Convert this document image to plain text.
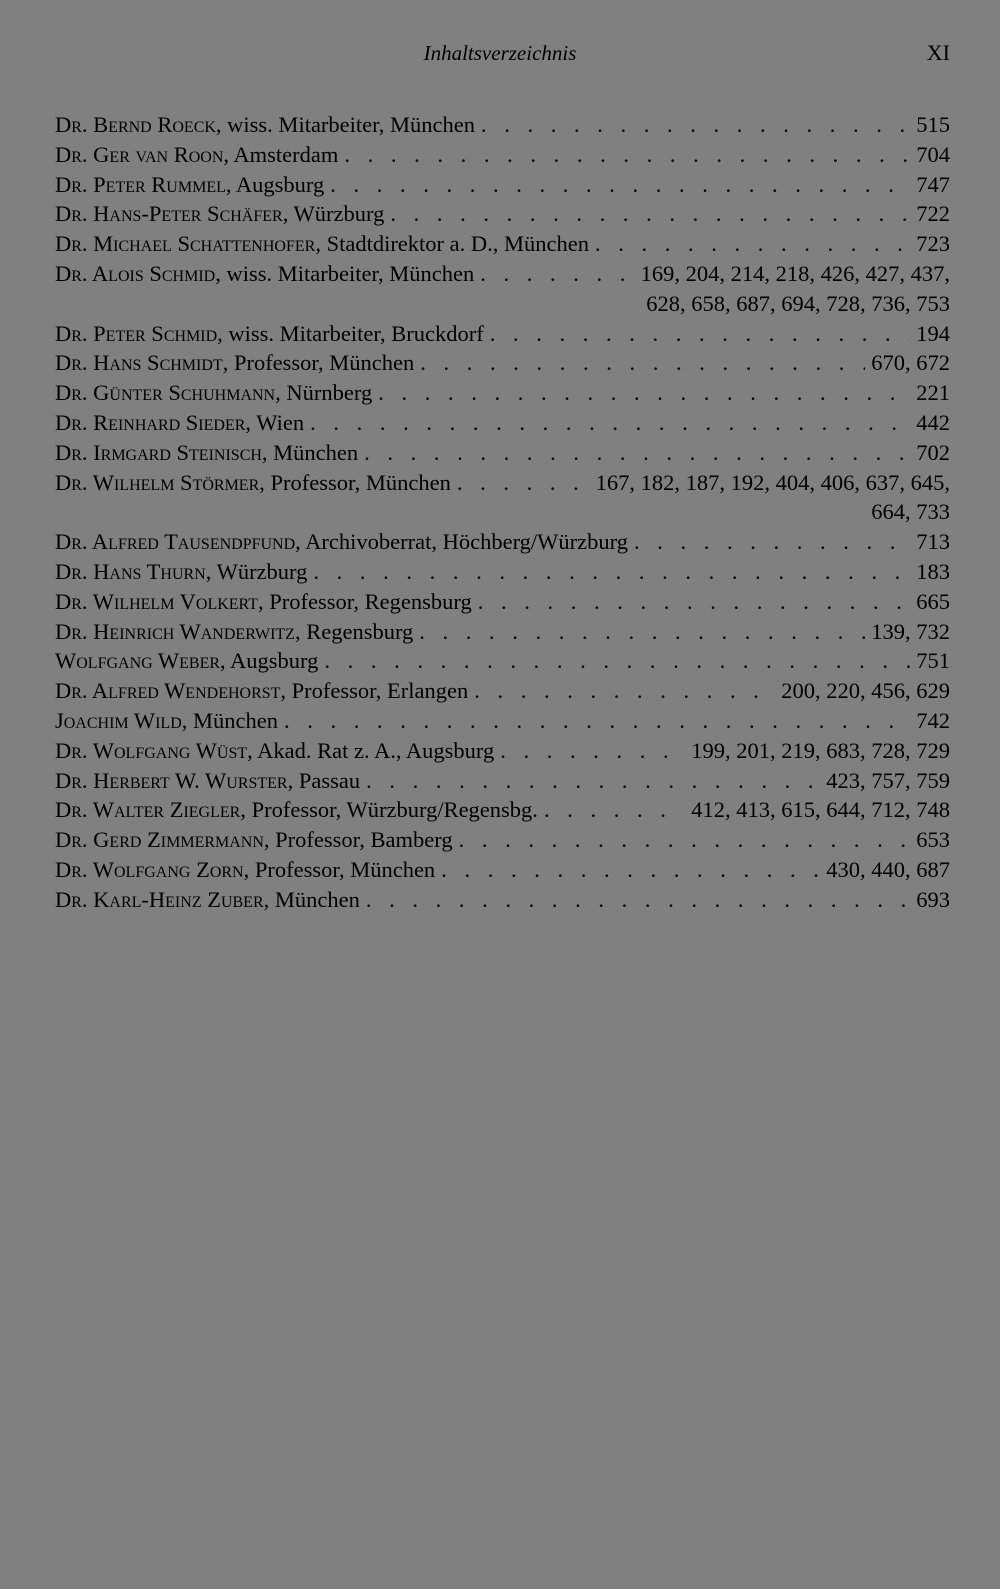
Inhaltsverzeichnis	XI
Dr. Bernd Roeck, wiss. Mitarbeiter, München . . .	515
Dr. Ger van Roon, Amsterdam . . .	704
Dr. Peter Rummel, Augsburg . . .	747
Dr. Hans-Peter Schäfer, Würzburg . . .	722
Dr. Michael Schattenhofer, Stadtdirektor a. D., München . . .	723
Dr. Alois Schmid, wiss. Mitarbeiter, München . . .	169, 204, 214, 218, 426, 427, 437,
628, 658, 687, 694, 728, 736, 753
Dr. Peter Schmid, wiss. Mitarbeiter, Bruckdorf . . .	194
Dr. Hans Schmidt, Professor, München . . .	670, 672
Dr. Günter Schuhmann, Nürnberg . . .	221
Dr. Reinhard Sieder, Wien . . .	442
Dr. Irmgard Steinisch, München . . .	702
Dr. Wilhelm Störmer, Professor, München . . .	167, 182, 187, 192, 404, 406, 637, 645,
664, 733
Dr. Alfred Tausendpfund, Archivoberrat, Höchberg/Würzburg . . .	713
Dr. Hans Thurn, Würzburg . . .	183
Dr. Wilhelm Volkert, Professor, Regensburg . . .	665
Dr. Heinrich Wanderwitz, Regensburg . . .	139, 732
Wolfgang Weber, Augsburg . . .	751
Dr. Alfred Wendehorst, Professor, Erlangen . . .	200, 220, 456, 629
Joachim Wild, München . . .	742
Dr. Wolfgang Wüst, Akad. Rat z. A., Augsburg . . .	199, 201, 219, 683, 728, 729
Dr. Herbert W. Wurster, Passau . . .	423, 757, 759
Dr. Walter Ziegler, Professor, Würzburg/Regensbg. . . .	412, 413, 615, 644, 712, 748
Dr. Gerd Zimmermann, Professor, Bamberg . . .	653
Dr. Wolfgang Zorn, Professor, München . . .	430, 440, 687
Dr. Karl-Heinz Zuber, München . . .	693
